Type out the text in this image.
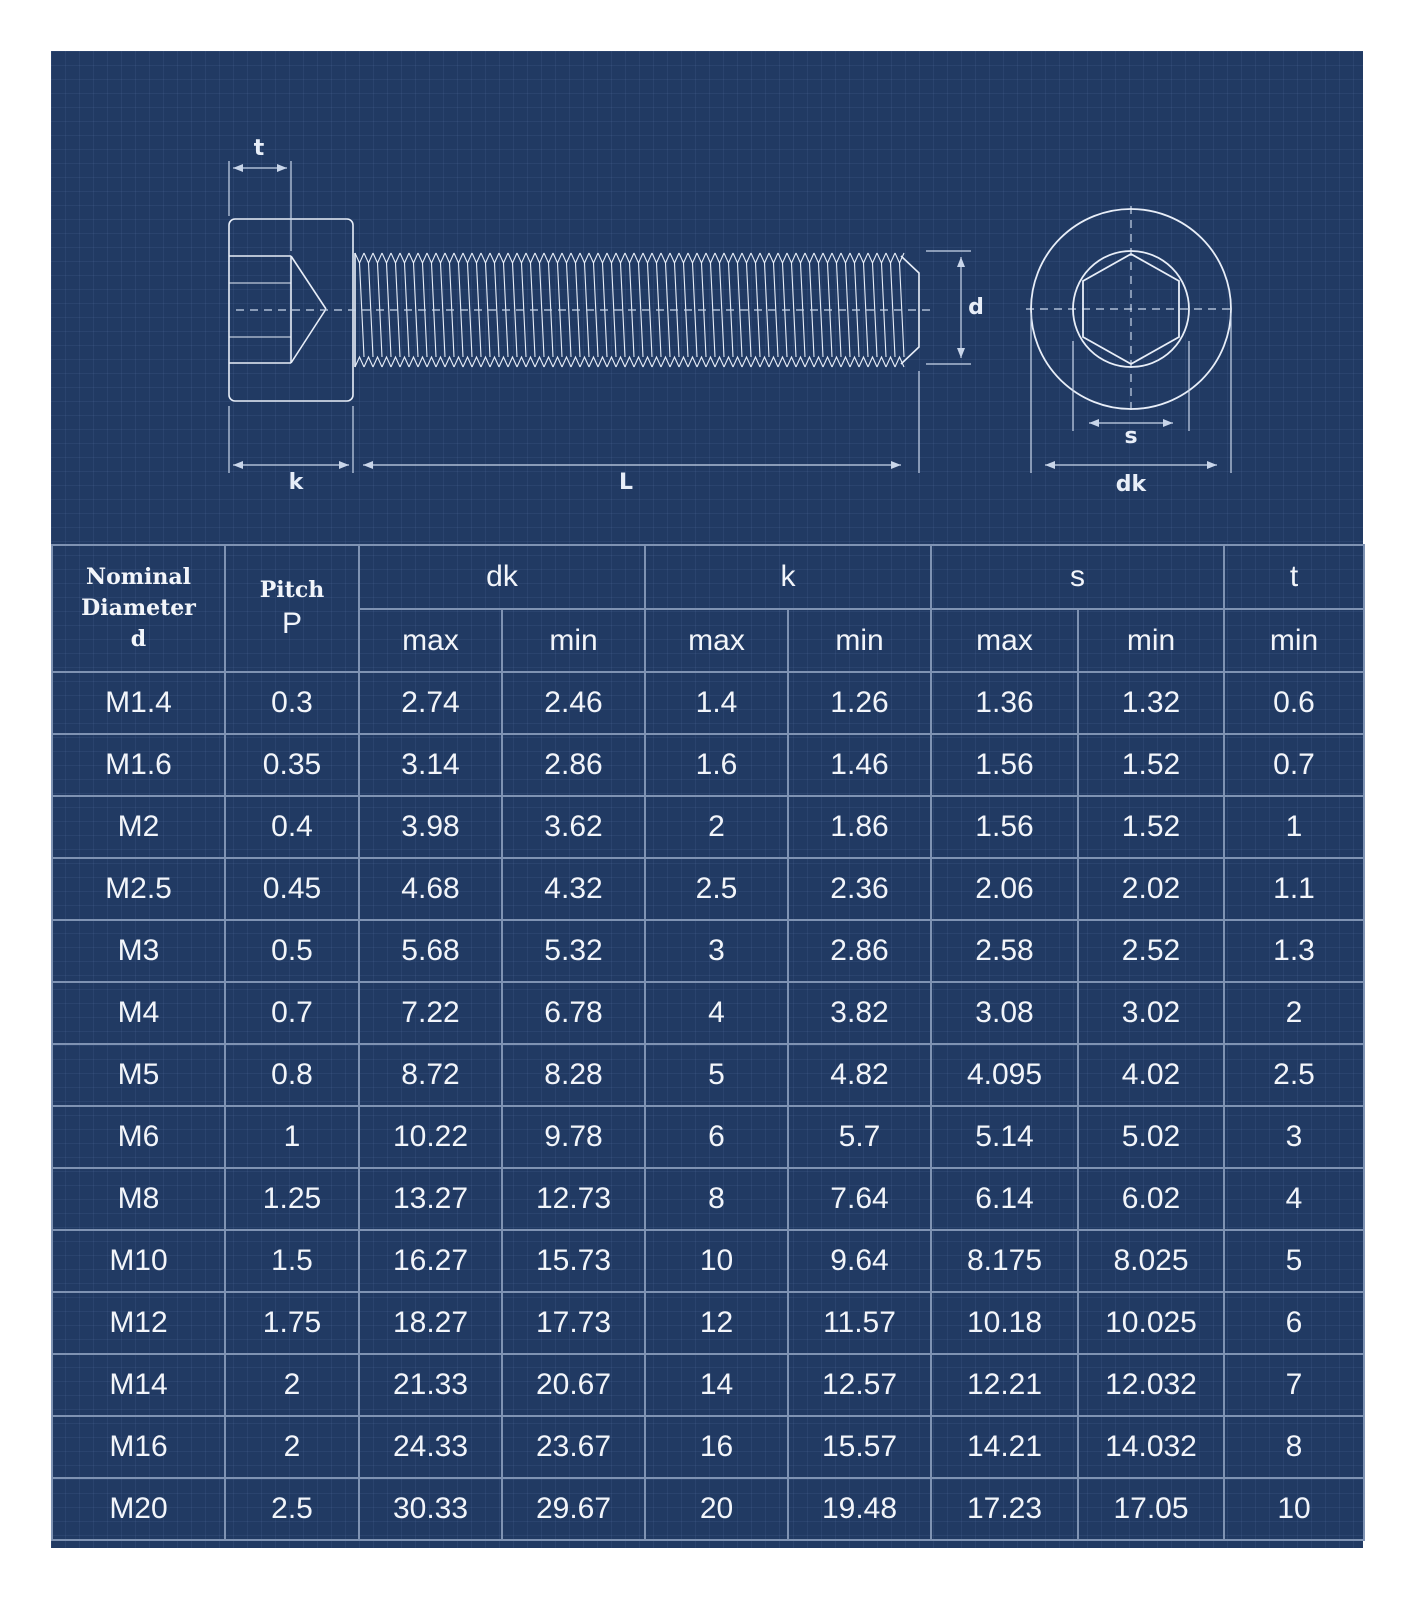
t
k	L
d
s
dk
Nominal
Diameter
d	Pitch
P	dk		k		s		t
		max	min	max	min	max	min	min
M1.4	0.3	2.74	2.46	1.4	1.26	1.36	1.32	0.6
M1.6	0.35	3.14	2.86	1.6	1.46	1.56	1.52	0.7
M2	0.4	3.98	3.62	2	1.86	1.56	1.52	1
M2.5	0.45	4.68	4.32	2.5	2.36	2.06	2.02	1.1
M3	0.5	5.68	5.32	3	2.86	2.58	2.52	1.3
M4	0.7	7.22	6.78	4	3.82	3.08	3.02	2
M5	0.8	8.72	8.28	5	4.82	4.095	4.02	2.5
M6	1	10.22	9.78	6	5.7	5.14	5.02	3
M8	1.25	13.27	12.73	8	7.64	6.14	6.02	4
M10	1.5	16.27	15.73	10	9.64	8.175	8.025	5
M12	1.75	18.27	17.73	12	11.57	10.18	10.025	6
M14	2	21.33	20.67	14	12.57	12.21	12.032	7
M16	2	24.33	23.67	16	15.57	14.21	14.032	8
M20	2.5	30.33	29.67	20	19.48	17.23	17.05	10
